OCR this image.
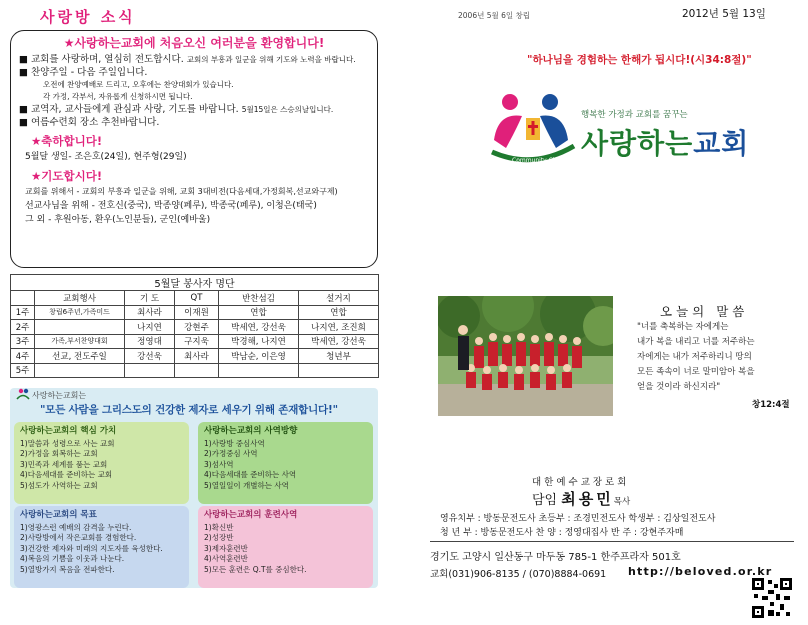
사랑방 소식
★사랑하는교회에 처음오신 여러분을 환영합니다!
■ 교회를 사랑하며, 열심히 전도합시다. 교회의 부흥과 일군을 위해 기도와 노력을 바랍니다.
■ 찬양주일 - 다음 주일입니다.
오전에 찬양예배로 드리고, 오후에는 찬양대회가 있습니다.
각 가정, 각부서, 자유롭게 신청하시면 됩니다.
■ 교역자, 교사들에게 관심과 사랑, 기도를 바랍니다. 5월15일은 스승의날입니다.
■ 여름수련회 장소 추천바랍니다.
★축하합니다!
5월달 생일- 조은호(24일), 현주형(29일)
★기도합시다!
교회를 위해서 - 교회의 부흥과 일군을 위해, 교회 3대비전(다음세대,가정회복,선교와구제)
선교사님을 위해 - 전호신(중국), 박종양(페루), 박종국(페루), 이청은(태국)
그 외 - 후원아동, 환우(노인분들), 군인(예바울)
5월달 봉사자 명단					
	교회행사	기 도	QT	반찬섬김	설거지
1주	창립6주년,가족미드	최사라	이재원	연합	연합
2주		나지연	강현주	박세연, 강선욱	나지연, 조진희
3주	가족,부서찬양대회	정영대	구지욱	박경해, 나지연	박세연, 강선욱
4주	선교, 전도주일	강선욱	최사라	박남순, 이은영	청년부
5주					
사랑하는교회는
"모든 사람을 그리스도의 건강한 제자로 세우기 위해 존재합니다!"
사랑하는교회의 핵심 가치
1)말씀과 성령으로 사는 교회
2)가정을 회복하는 교회
3)민족과 세계를 품는 교회
4)다음세대를 준비하는 교회
5)섬도가 사역하는 교회
사랑하는교회의 사역방향
1)사랑방 중심사역
2)가정중심 사역
3)섬사역
4)다음세대를 준비하는 사역
5)열일일이 개별하는 사역
사랑하는교회의 목표
1)영광스런 예배의 감격을 누린다.
2)사랑방에서 작은교회를 경험한다.
3)건강한 제자와 미래의 지도자를 육성한다.
4)복음의 기쁨을 이웃과 나눈다.
5)열방가지 복음을 전파한다.
사랑하는교회의 훈련사역
1)확신반
2)성장반
3)제자훈련반
4)사역훈련반
5)모든 훈련은 Q.T를 중심한다.
2006년 5월 6일 창립	2012년 5월 13일
"하나님을 경험하는 한해가 됩시다!(시34:8절)"
Community Church
행복한 가정과 교회를 꿈꾸는
사랑하는교회
오늘의 말씀
"너를 축복하는 자에게는
내가 복을 내리고 너를 저주하는
자에게는 내가 저주하리니 땅의
모든 족속이 너로 말미암아 복을
얻을 것이라 하신지라"
창12:4절
대한예수교장로회
담임 최용민목사
영유치부 : 방동문전도사 초등부 : 조경민전도사 학생부 : 김상일전도사
청 년 부 : 방동문전도사 찬 양 : 정영대집사 반 주 : 강현주자매
경기도 고양시 일산동구 마두동 785-1 한주프라자 501호
교회(031)906-8135 / (070)8884-0691 http://beloved.or.kr
